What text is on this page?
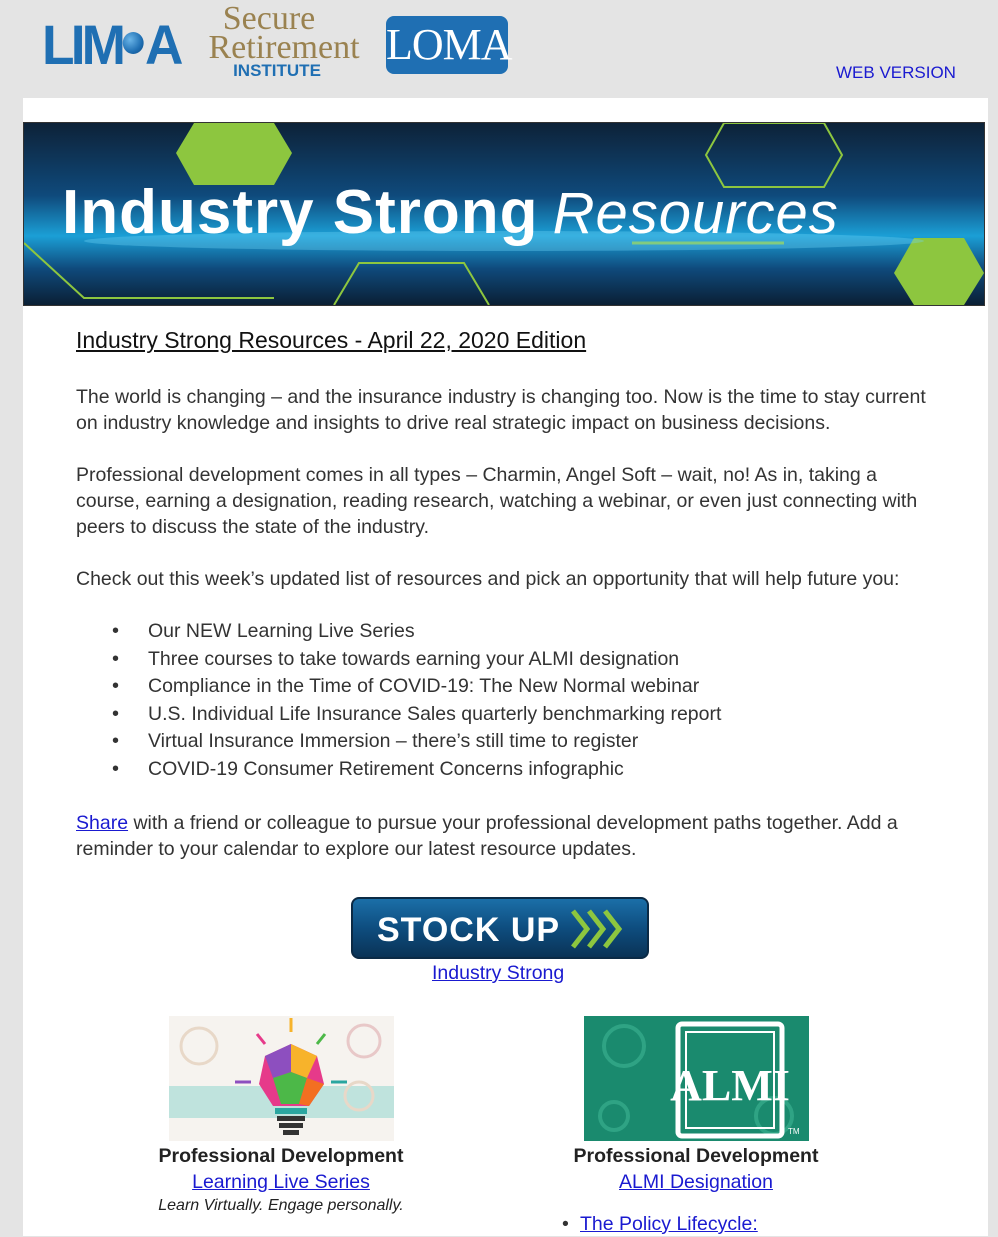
LIM A	Secure
Retirement
INSTITUTE
LOMA
WEB VERSION
Industry Strong Resources
Industry Strong Resources - April 22, 2020 Edition

The world is changing – and the insurance industry is changing too. Now is the time to stay current on industry knowledge and insights to drive real strategic impact on business decisions.

Professional development comes in all types – Charmin, Angel Soft – wait, no! As in, taking a course, earning a designation, reading research, watching a webinar, or even just connecting with peers to discuss the state of the industry.

Check out this week’s updated list of resources and pick an opportunity that will help future you:

• Our NEW Learning Live Series
• Three courses to take towards earning your ALMI designation
• Compliance in the Time of COVID-19: The New Normal webinar
• U.S. Individual Life Insurance Sales quarterly benchmarking report
• Virtual Insurance Immersion – there’s still time to register
• COVID-19 Consumer Retirement Concerns infographic

Share with a friend or colleague to pursue your professional development paths together. Add a reminder to your calendar to explore our latest resource updates.

STOCK UP
Industry Strong
Professional Development
Learning Live Series
Learn Virtually. Engage personally.
ALMI
TM
Professional Development
ALMI Designation
• The Policy Lifecycle:
